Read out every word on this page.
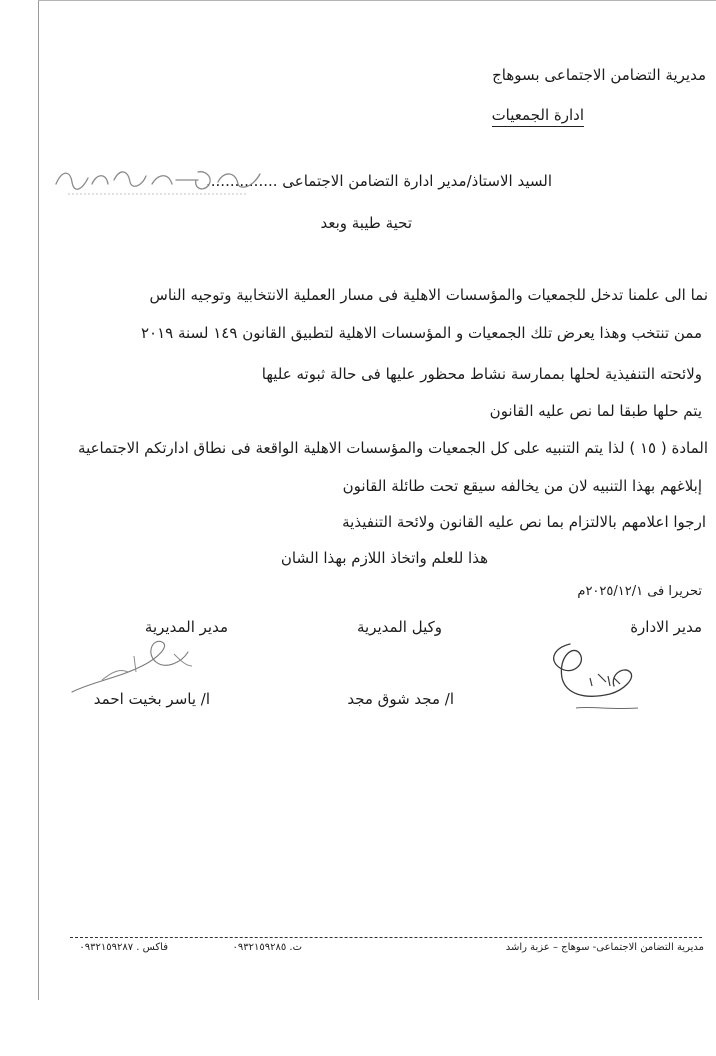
مديرية التضامن الاجتماعى بسوهاج
ادارة الجمعيات
السيد الاستاذ/مدير ادارة التضامن الاجتماعى ...............
تحية طيبة وبعد
نما الى علمنا تدخل للجمعيات والمؤسسات الاهلية فى مسار العملية الانتخابية وتوجيه الناس
ممن تنتخب وهذا يعرض تلك الجمعيات و المؤسسات الاهلية لتطبيق القانون ١٤٩ لسنة ٢٠١٩
ولائحته التنفيذية لحلها بممارسة نشاط محظور عليها فى حالة ثبوته عليها
يتم حلها طبقا لما نص عليه القانون
المادة ( ١٥ ) لذا يتم التنبيه على كل الجمعيات والمؤسسات الاهلية الواقعة فى نطاق ادارتكم الاجتماعية
إبلاغهم بهذا التنبيه لان من يخالفه سيقع تحت طائلة القانون
ارجوا اعلامهم بالالتزام بما نص عليه القانون ولائحة التنفيذية
هذا للعلم واتخاذ اللازم بهذا الشان
تحريرا فى ٢٠٢٥/١٢/١م
مدير الادارة
وكيل المديرية
مدير المديرية
ا/ مجد شوق مجد
ا/ ياسر بخيت احمد
مديرية التضامن الاجتماعى- سوهاج – عزبة راشد
ت. ٠٩٣٢١٥٩٢٨٥
فاكس . ٠٩٣٢١٥٩٢٨٧
